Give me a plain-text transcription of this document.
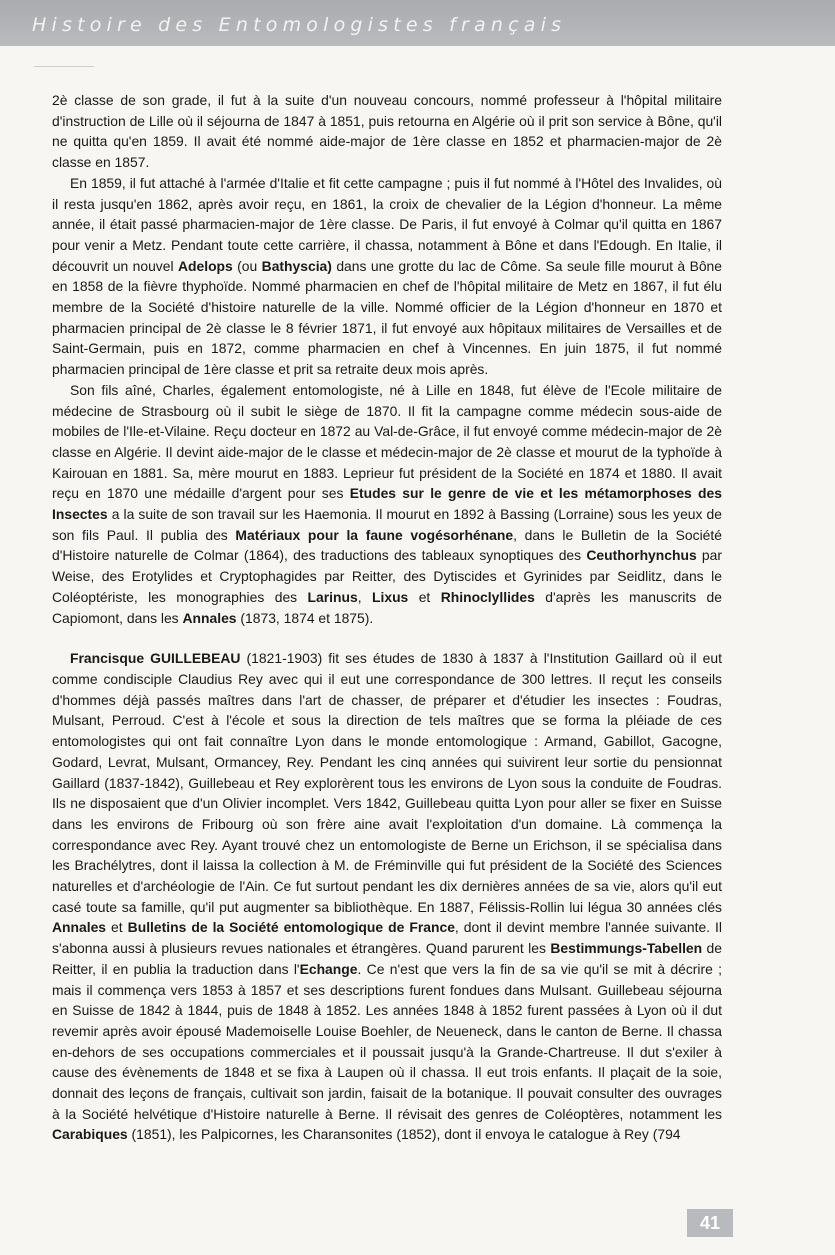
Histoire des Entomologistes français

2è classe de son grade, il fut à la suite d'un nouveau concours, nommé professeur à l'hôpital militaire d'instruction de Lille où il séjourna de 1847 à 1851, puis retourna en Algérie où il prit son service à Bône, qu'il ne quitta qu'en 1859. Il avait été nommé aide-major de 1ère classe en 1852 et pharmacien-major de 2è classe en 1857.

En 1859, il fut attaché à l'armée d'Italie et fit cette campagne ; puis il fut nommé à l'Hôtel des Invalides, où il resta jusqu'en 1862, après avoir reçu, en 1861, la croix de chevalier de la Légion d'honneur. La même année, il était passé pharmacien-major de 1ère classe. De Paris, il fut envoyé à Colmar qu'il quitta en 1867 pour venir a Metz. Pendant toute cette carrière, il chassa, notamment à Bône et dans l'Edough. En Italie, il découvrit un nouvel Adelops (ou Bathyscia) dans une grotte du lac de Côme. Sa seule fille mourut à Bône en 1858 de la fièvre thyphoïde. Nommé pharmacien en chef de l'hôpital militaire de Metz en 1867, il fut élu membre de la Société d'histoire naturelle de la ville. Nommé officier de la Légion d'honneur en 1870 et pharmacien principal de 2è classe le 8 février 1871, il fut envoyé aux hôpitaux militaires de Versailles et de Saint-Germain, puis en 1872, comme pharmacien en chef à Vincennes. En juin 1875, il fut nommé pharmacien principal de 1ère classe et prit sa retraite deux mois après.

Son fils aîné, Charles, également entomologiste, né à Lille en 1848, fut élève de l'Ecole militaire de médecine de Strasbourg où il subit le siège de 1870. Il fit la campagne comme médecin sous-aide de mobiles de l'Ile-et-Vilaine. Reçu docteur en 1872 au Val-de-Grâce, il fut envoyé comme médecin-major de 2è classe en Algérie. Il devint aide-major de le classe et médecin-major de 2è classe et mourut de la typhoïde à Kairouan en 1881. Sa, mère mourut en 1883. Leprieur fut président de la Société en 1874 et 1880. Il avait reçu en 1870 une médaille d'argent pour ses Etudes sur le genre de vie et les métamorphoses des Insectes a la suite de son travail sur les Haemonia. Il mourut en 1892 à Bassing (Lorraine) sous les yeux de son fils Paul. Il publia des Matériaux pour la faune vogésorhénane, dans le Bulletin de la Société d'Histoire naturelle de Colmar (1864), des traductions des tableaux synoptiques des Ceuthorhynchus par Weise, des Erotylides et Cryptophagides par Reitter, des Dytiscides et Gyrinides par Seidlitz, dans le Coléoptériste, les monographies des Larinus, Lixus et Rhinoclyllides d'après les manuscrits de Capiomont, dans les Annales (1873, 1874 et 1875).

Francisque GUILLEBEAU (1821-1903) fit ses études de 1830 à 1837 à l'Institution Gaillard où il eut comme condisciple Claudius Rey avec qui il eut une correspondance de 300 lettres. Il reçut les conseils d'hommes déjà passés maîtres dans l'art de chasser, de préparer et d'étudier les insectes : Foudras, Mulsant, Perroud. C'est à l'école et sous la direction de tels maîtres que se forma la pléiade de ces entomologistes qui ont fait connaître Lyon dans le monde entomologique : Armand, Gabillot, Gacogne, Godard, Levrat, Mulsant, Ormancey, Rey. Pendant les cinq années qui suivirent leur sortie du pensionnat Gaillard (1837-1842), Guillebeau et Rey explorèrent tous les environs de Lyon sous la conduite de Foudras. Ils ne disposaient que d'un Olivier incomplet. Vers 1842, Guillebeau quitta Lyon pour aller se fixer en Suisse dans les environs de Fribourg où son frère aine avait l'exploitation d'un domaine. Là commença la correspondance avec Rey. Ayant trouvé chez un entomologiste de Berne un Erichson, il se spécialisa dans les Brachélytres, dont il laissa la collection à M. de Fréminville qui fut président de la Société des Sciences naturelles et d'archéologie de l'Ain. Ce fut surtout pendant les dix dernières années de sa vie, alors qu'il eut casé toute sa famille, qu'il put augmenter sa bibliothèque. En 1887, Félissis-Rollin lui légua 30 années clés Annales et Bulletins de la Société entomologique de France, dont il devint membre l'année suivante. Il s'abonna aussi à plusieurs revues nationales et étrangères. Quand parurent les Bestimmungs-Tabellen de Reitter, il en publia la traduction dans l'Echange. Ce n'est que vers la fin de sa vie qu'il se mit à décrire ; mais il commença vers 1853 à 1857 et ses descriptions furent fondues dans Mulsant. Guillebeau séjourna en Suisse de 1842 à 1844, puis de 1848 à 1852. Les années 1848 à 1852 furent passées à Lyon où il dut revemir après avoir épousé Mademoiselle Louise Boehler, de Neueneck, dans le canton de Berne. Il chassa en-dehors de ses occupations commerciales et il poussait jusqu'à la Grande-Chartreuse. Il dut s'exiler à cause des évènements de 1848 et se fixa à Laupen où il chassa. Il eut trois enfants. Il plaçait de la soie, donnait des leçons de français, cultivait son jardin, faisait de la botanique. Il pouvait consulter des ouvrages à la Société helvétique d'Histoire naturelle à Berne. Il révisait des genres de Coléoptères, notamment les Carabiques (1851), les Palpicornes, les Charansonites (1852), dont il envoya le catalogue à Rey (794

41
